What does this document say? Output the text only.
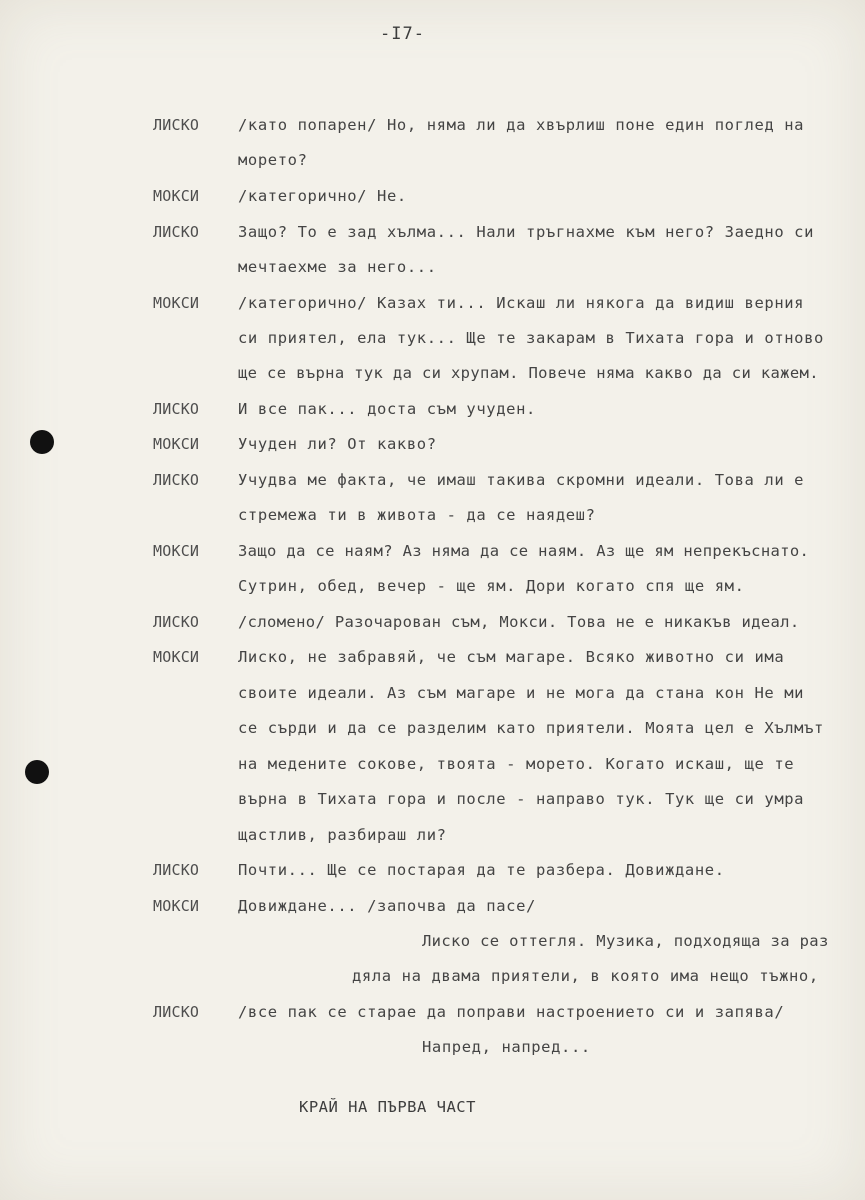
-I7-
ЛИСКО	/като попарен/ Но, няма ли да хвърлиш поне един поглед на
морето?
МОКСИ	/категорично/ Не.
ЛИСКО	Защо? То е зад хълма... Нали тръгнахме към него? Заедно си
мечтаехме за него...
МОКСИ	/категорично/ Казах ти... Искаш ли някога да видиш верния
си приятел, ела тук... Ще те закарам в Тихата гора и отново
ще се върна тук да си хрупам. Повече няма какво да си кажем.
ЛИСКО	И все пак... доста съм учуден.
МОКСИ	Учуден ли? От какво?
ЛИСКО	Учудва ме факта, че имаш такива скромни идеали. Това ли е
стремежа ти в живота - да се наядеш?
МОКСИ	Защо да се наям? Аз няма да се наям. Аз ще ям непрекъснато.
Сутрин, обед, вечер - ще ям. Дори когато спя ще ям.
ЛИСКО	/сломено/ Разочарован съм, Мокси. Това не е никакъв идеал.
МОКСИ	Лиско, не забравяй, че съм магаре. Всяко животно си има
своите идеали. Аз съм магаре и не мога да стана кон Не ми
се сърди и да се разделим като приятели. Моята цел е Хълмът
на медените сокове, твоята - морето. Когато искаш, ще те
върна в Тихата гора и после - направо тук. Тук ще си умра
щастлив, разбираш ли?
ЛИСКО	Почти... Ще се постарая да те разбера. Довиждане.
МОКСИ	Довиждане... /започва да пасе/
Лиско се оттегля. Музика, подходяща за раз
дяла на двама приятели, в която има нещо тъжно,
ЛИСКО	/все пак се старае да поправи настроението си и запява/
Напред, напред...
КРАЙ НА ПЪРВА ЧАСТ
